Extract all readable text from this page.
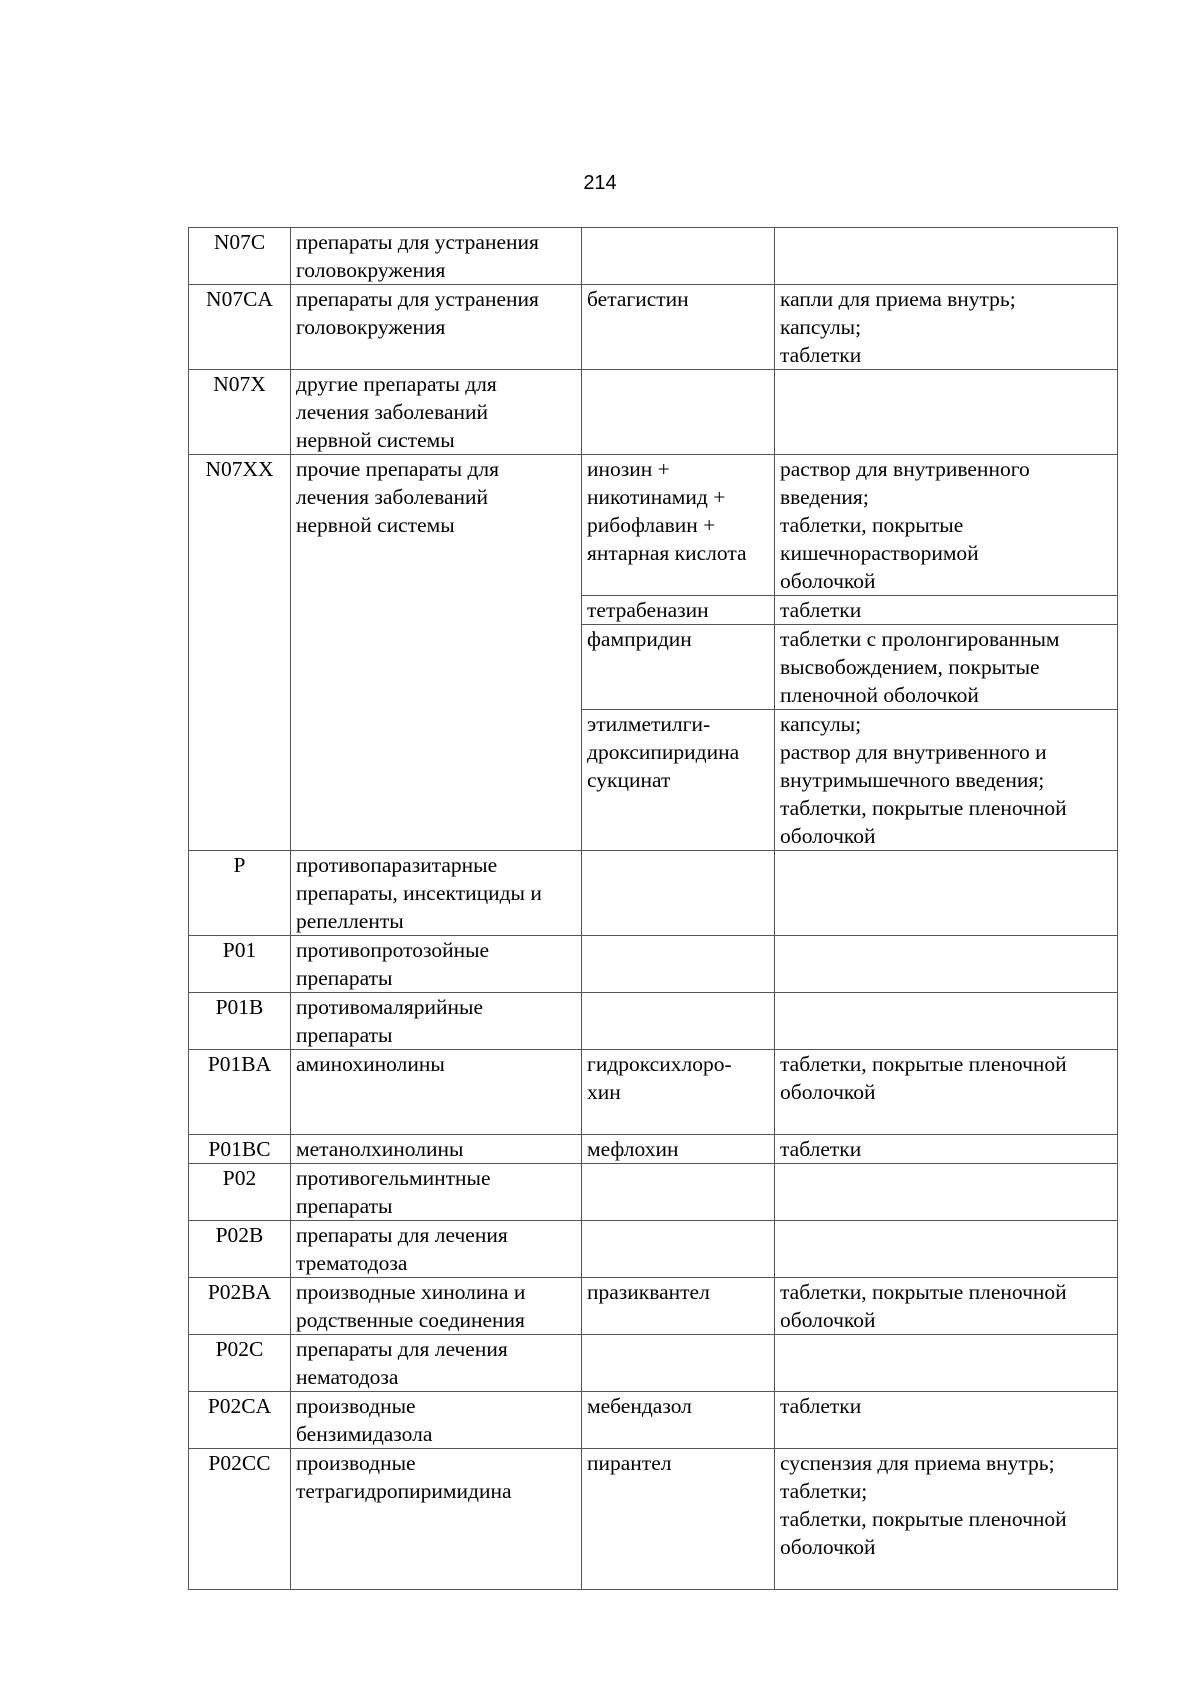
214
N07C	препараты для устранения
головокружения		
N07CA	препараты для устранения
головокружения	бетагистин	капли для приема внутрь;
капсулы;
таблетки
N07X	другие препараты для
лечения заболеваний
нервной системы		
N07XX	прочие препараты для
лечения заболеваний
нервной системы	инозин +
никотинамид +
рибофлавин +
янтарная кислота	раствор для внутривенного
введения;
таблетки, покрытые
кишечнорастворимой
оболочкой
		тетрабеназин	таблетки
		фампридин	таблетки с пролонгированным
высвобождением, покрытые
пленочной оболочкой
		этилметилги-
дроксипиридина
сукцинат	капсулы;
раствор для внутривенного и
внутримышечного введения;
таблетки, покрытые пленочной
оболочкой
P	противопаразитарные
препараты, инсектициды и
репелленты		
P01	противопротозойные
препараты		
P01B	противомалярийные
препараты		
P01BA	аминохинолины	гидроксихлоро-
хин	таблетки, покрытые пленочной
оболочкой
P01BC	метанолхинолины	мефлохин	таблетки
P02	противогельминтные
препараты		
P02B	препараты для лечения
трематодоза		
P02BA	производные хинолина и
родственные соединения	празиквантел	таблетки, покрытые пленочной
оболочкой
P02C	препараты для лечения
нематодоза		
P02CA	производные
бензимидазола	мебендазол	таблетки
P02CC	производные
тетрагидропиримидина	пирантел	суспензия для приема внутрь;
таблетки;
таблетки, покрытые пленочной
оболочкой
